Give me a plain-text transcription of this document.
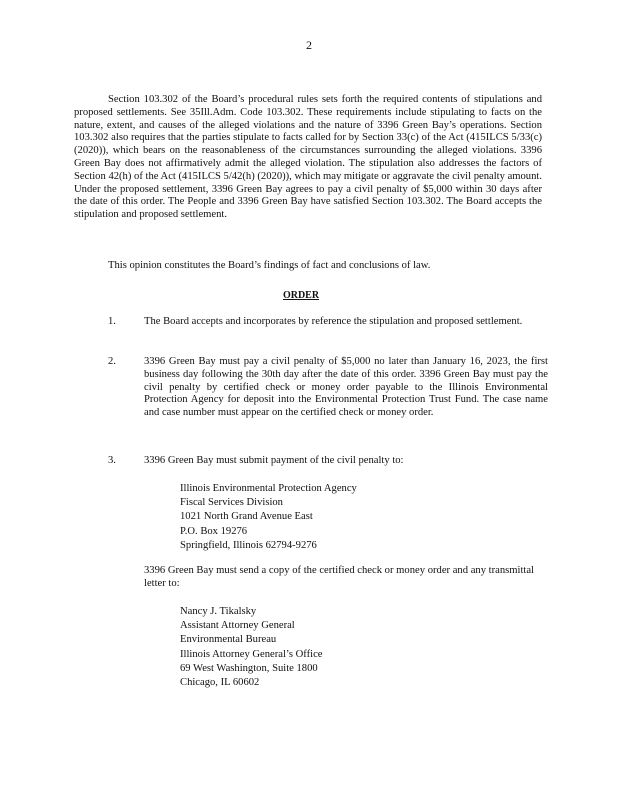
2
Section 103.302 of the Board’s procedural rules sets forth the required contents of stipulations and proposed settlements. See 35Ill.Adm. Code 103.302. These requirements include stipulating to facts on the nature, extent, and causes of the alleged violations and the nature of 3396 Green Bay’s operations. Section 103.302 also requires that the parties stipulate to facts called for by Section 33(c) of the Act (415ILCS 5/33(c) (2020)), which bears on the reasonableness of the circumstances surrounding the alleged violations. 3396 Green Bay does not affirmatively admit the alleged violation. The stipulation also addresses the factors of Section 42(h) of the Act (415ILCS 5/42(h) (2020)), which may mitigate or aggravate the civil penalty amount. Under the proposed settlement, 3396 Green Bay agrees to pay a civil penalty of $5,000 within 30 days after the date of this order. The People and 3396 Green Bay have satisfied Section 103.302. The Board accepts the stipulation and proposed settlement.
This opinion constitutes the Board’s findings of fact and conclusions of law.
ORDER
1.	The Board accepts and incorporates by reference the stipulation and proposed settlement.
2.	3396 Green Bay must pay a civil penalty of $5,000 no later than January 16, 2023, the first business day following the 30th day after the date of this order. 3396 Green Bay must pay the civil penalty by certified check or money order payable to the Illinois Environmental Protection Agency for deposit into the Environmental Protection Trust Fund. The case name and case number must appear on the certified check or money order.
3.	3396 Green Bay must submit payment of the civil penalty to:
Illinois Environmental Protection Agency
Fiscal Services Division
1021 North Grand Avenue East
P.O. Box 19276
Springfield, Illinois 62794-9276
3396 Green Bay must send a copy of the certified check or money order and any transmittal letter to:
Nancy J. Tikalsky
Assistant Attorney General
Environmental Bureau
Illinois Attorney General’s Office
69 West Washington, Suite 1800
Chicago, IL 60602
